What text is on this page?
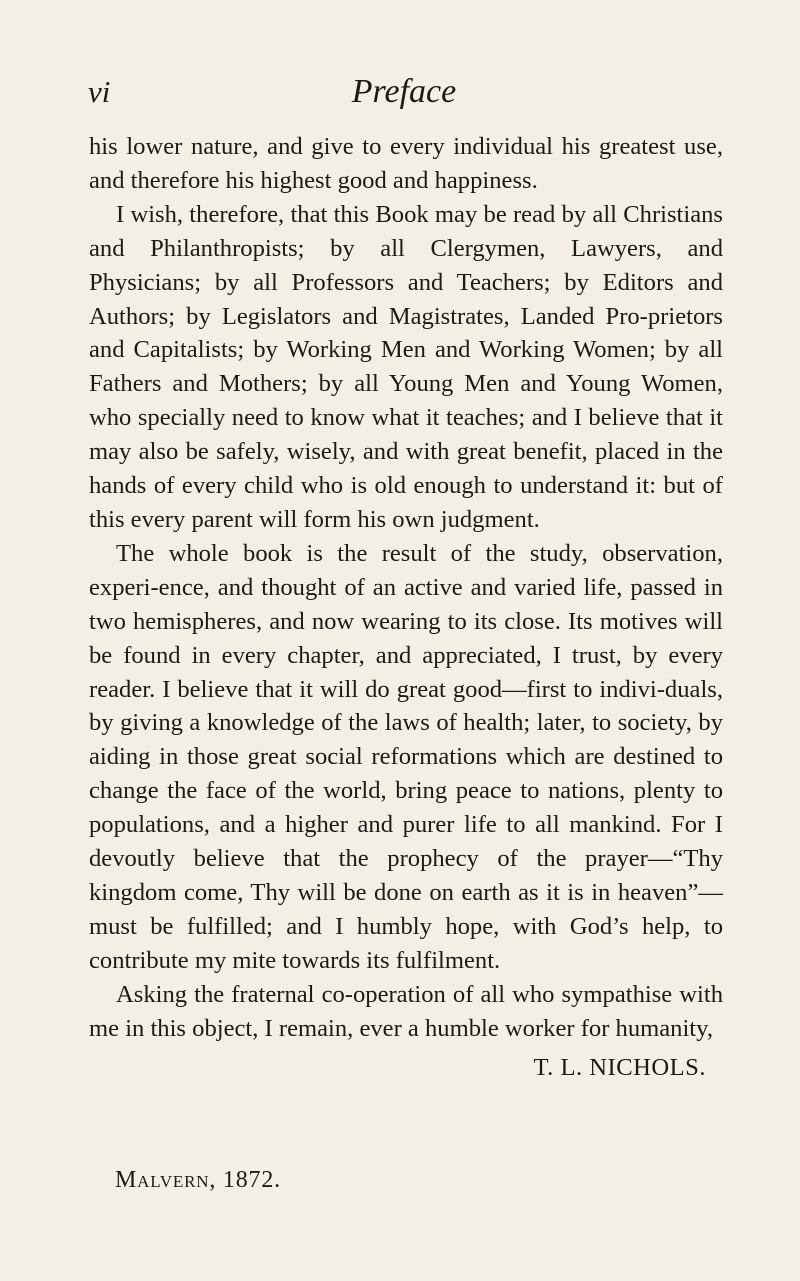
vi	Preface

his lower nature, and give to every individual his greatest use, and therefore his highest good and happiness.

I wish, therefore, that this Book may be read by all Christians and Philanthropists; by all Clergymen, Lawyers, and Physicians; by all Professors and Teachers; by Editors and Authors; by Legislators and Magistrates, Landed Pro-prietors and Capitalists; by Working Men and Working Women; by all Fathers and Mothers; by all Young Men and Young Women, who specially need to know what it teaches; and I believe that it may also be safely, wisely, and with great benefit, placed in the hands of every child who is old enough to understand it: but of this every parent will form his own judgment.

The whole book is the result of the study, observation, experi-ence, and thought of an active and varied life, passed in two hemispheres, and now wearing to its close. Its motives will be found in every chapter, and appreciated, I trust, by every reader. I believe that it will do great good—first to indivi-duals, by giving a knowledge of the laws of health; later, to society, by aiding in those great social reformations which are destined to change the face of the world, bring peace to nations, plenty to populations, and a higher and purer life to all mankind. For I devoutly believe that the prophecy of the prayer—“Thy kingdom come, Thy will be done on earth as it is in heaven”—must be fulfilled; and I humbly hope, with God’s help, to contribute my mite towards its fulfilment.

Asking the fraternal co-operation of all who sympathise with me in this object, I remain, ever a humble worker for humanity,

T. L. NICHOLS.
Malvern, 1872.
